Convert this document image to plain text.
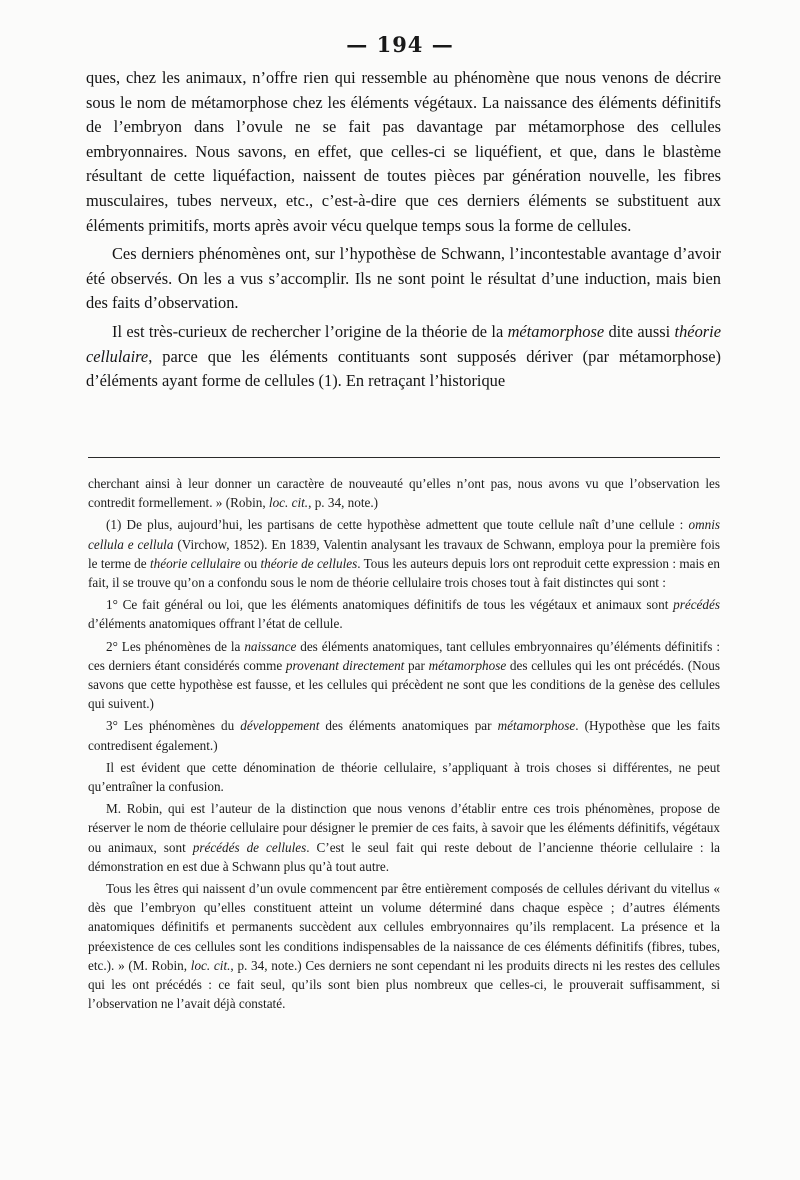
— 194 —

ques, chez les animaux, n’offre rien qui ressemble au phénomène que nous venons de décrire sous le nom de métamorphose chez les éléments végétaux. La naissance des éléments définitifs de l’embryon dans l’ovule ne se fait pas davantage par métamorphose des cellules embryonnaires. Nous savons, en effet, que celles-ci se liquéfient, et que, dans le blastème résultant de cette liquéfaction, naissent de toutes pièces par génération nouvelle, les fibres musculaires, tubes nerveux, etc., c’est-à-dire que ces derniers éléments se substituent aux éléments primitifs, morts après avoir vécu quelque temps sous la forme de cellules.

Ces derniers phénomènes ont, sur l’hypothèse de Schwann, l’incontestable avantage d’avoir été observés. On les a vus s’accomplir. Ils ne sont point le résultat d’une induction, mais bien des faits d’observation.

Il est très-curieux de rechercher l’origine de la théorie de la métamorphose dite aussi théorie cellulaire, parce que les éléments contituants sont supposés dériver (par métamorphose) d’éléments ayant forme de cellules (1). En retraçant l’historique

cherchant ainsi à leur donner un caractère de nouveauté qu’elles n’ont pas, nous avons vu que l’observation les contredit formellement. » (Robin, loc. cit., p. 34, note.)

(1) De plus, aujourd’hui, les partisans de cette hypothèse admettent que toute cellule naît d’une cellule : omnis cellula e cellula (Virchow, 1852). En 1839, Valentin analysant les travaux de Schwann, employa pour la première fois le terme de théorie cellulaire ou théorie de cellules. Tous les auteurs depuis lors ont reproduit cette expression : mais en fait, il se trouve qu’on a confondu sous le nom de théorie cellulaire trois choses tout à fait distinctes qui sont :

1° Ce fait général ou loi, que les éléments anatomiques définitifs de tous les végétaux et animaux sont précédés d’éléments anatomiques offrant l’état de cellule.

2° Les phénomènes de la naissance des éléments anatomiques, tant cellules embryonnaires qu’éléments définitifs : ces derniers étant considérés comme provenant directement par métamorphose des cellules qui les ont précédés. (Nous savons que cette hypothèse est fausse, et les cellules qui précèdent ne sont que les conditions de la genèse des cellules qui suivent.)

3° Les phénomènes du développement des éléments anatomiques par métamorphose. (Hypothèse que les faits contredisent également.)

Il est évident que cette dénomination de théorie cellulaire, s’appliquant à trois choses si différentes, ne peut qu’entraîner la confusion.

M. Robin, qui est l’auteur de la distinction que nous venons d’établir entre ces trois phénomènes, propose de réserver le nom de théorie cellulaire pour désigner le premier de ces faits, à savoir que les éléments définitifs, végétaux ou animaux, sont précédés de cellules. C’est le seul fait qui reste debout de l’ancienne théorie cellulaire : la démonstration en est due à Schwann plus qu’à tout autre.

Tous les êtres qui naissent d’un ovule commencent par être entièrement composés de cellules dérivant du vitellus « dès que l’embryon qu’elles constituent atteint un volume déterminé dans chaque espèce ; d’autres éléments anatomiques définitifs et permanents succèdent aux cellules embryonnaires qu’ils remplacent. La présence et la préexistence de ces cellules sont les conditions indispensables de la naissance de ces éléments définitifs (fibres, tubes, etc.). » (M. Robin, loc. cit., p. 34, note.) Ces derniers ne sont cependant ni les produits directs ni les restes des cellules qui les ont précédés : ce fait seul, qu’ils sont bien plus nombreux que celles-ci, le prouverait suffisamment, si l’observation ne l’avait déjà constaté.
